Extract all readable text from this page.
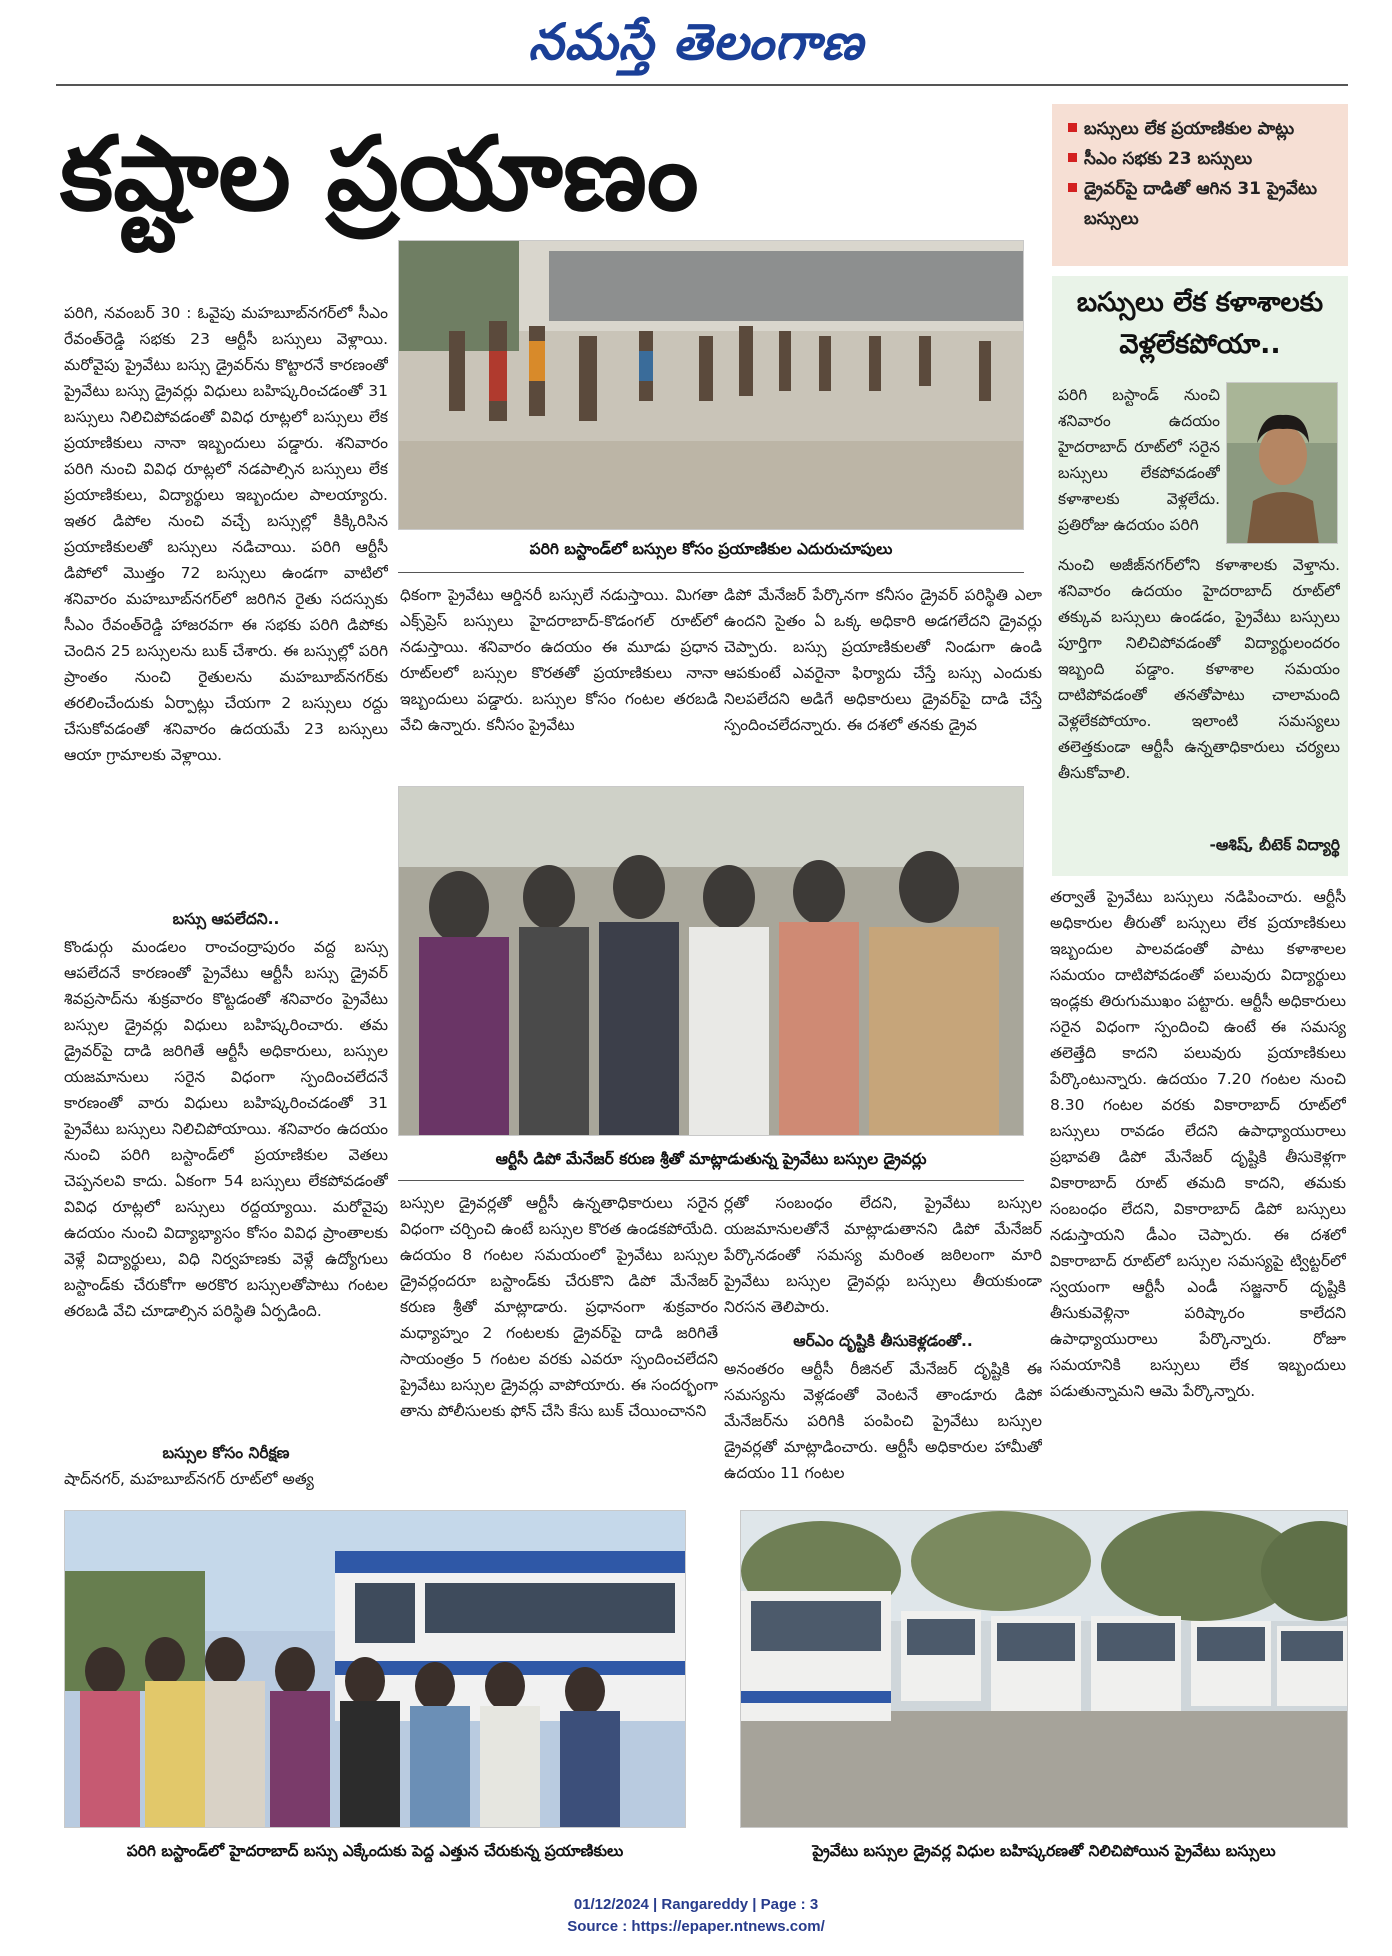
నమస్తే తెలంగాణ
కష్టాల ప్రయాణం	బస్సులు లేక ప్రయాణికుల పాట్లు
సీఎం సభకు 23 బస్సులు
డ్రైవర్‌పై దాడితో ఆగిన 31 ప్రైవేటు బస్సులు
బస్సులు లేక కళాశాలకు వెళ్లలేకపోయా..

పరిగి బస్టాండ్ నుంచి శనివారం ఉదయం హైదరాబాద్ రూట్‌లో సరైన బస్సులు లేకపోవడంతో కళాశాలకు వెళ్లలేదు. ప్రతిరోజు ఉదయం పరిగి

నుంచి అజీజ్‌నగర్‌లోని కళాశాలకు వెళ్తాను. శనివారం ఉదయం హైదరాబాద్ రూట్‌లో తక్కువ బస్సులు ఉండడం, ప్రైవేటు బస్సులు పూర్తిగా నిలిచిపోవడంతో విద్యార్థులందరం ఇబ్బంది పడ్డాం. కళాశాల సమయం దాటిపోవడంతో తనతోపాటు చాలామంది వెళ్లలేకపోయాం. ఇలాంటి సమస్యలు తలెత్తకుండా ఆర్టీసీ ఉన్నతాధికారులు చర్యలు తీసుకోవాలి.

-ఆశిష్, బీటెక్ విద్యార్థి
పరిగి బస్టాండ్‌లో బస్సుల కోసం ప్రయాణికుల ఎదురుచూపులు

పరిగి, నవంబర్ 30 : ఓవైపు మహబూబ్‌నగర్‌లో సీఎం రేవంత్‌రెడ్డి సభకు 23 ఆర్టీసీ బస్సులు వెళ్లాయి. మరోవైపు ప్రైవేటు బస్సు డ్రైవర్‌ను కొట్టారనే కారణంతో ప్రైవేటు బస్సు డ్రైవర్లు విధులు బహిష్కరించడంతో 31 బస్సులు నిలిచిపోవడంతో వివిధ రూట్లలో బస్సులు లేక ప్రయాణికులు నానా ఇబ్బందులు పడ్డారు. శనివారం పరిగి నుంచి వివిధ రూట్లలో నడపాల్సిన బస్సులు లేక ప్రయాణికులు, విద్యార్థులు ఇబ్బందుల పాలయ్యారు. ఇతర డిపోల నుంచి వచ్చే బస్సుల్లో కిక్కిరిసిన ప్రయాణికులతో బస్సులు నడిచాయి. పరిగి ఆర్టీసీ డిపోలో మొత్తం 72 బస్సులు ఉండగా వాటిలో శనివారం మహబూబ్‌నగర్‌లో జరిగిన రైతు సదస్సుకు సీఎం రేవంత్‌రెడ్డి హాజరవగా ఈ సభకు పరిగి డిపోకు చెందిన 25 బస్సులను బుక్ చేశారు. ఈ బస్సుల్లో పరిగి ప్రాంతం నుంచి రైతులను మహబూబ్‌నగర్‌కు తరలించేందుకు ఏర్పాట్లు చేయగా 2 బస్సులు రద్దు చేసుకోవడంతో శనివారం ఉదయమే 23 బస్సులు ఆయా గ్రామాలకు వెళ్లాయి.

బస్సు ఆపలేదని..

కొండుర్గు మండలం రాంచంద్రాపురం వద్ద బస్సు ఆపలేదనే కారణంతో ప్రైవేటు ఆర్టీసీ బస్సు డ్రైవర్ శివప్రసాద్‌ను శుక్రవారం కొట్టడంతో శనివారం ప్రైవేటు బస్సుల డ్రైవర్లు విధులు బహిష్కరించారు. తమ డ్రైవర్‌పై దాడి జరిగితే ఆర్టీసీ అధికారులు, బస్సుల యజమానులు సరైన విధంగా స్పందించలేదనే కారణంతో వారు విధులు బహిష్కరించడంతో 31 ప్రైవేటు బస్సులు నిలిచిపోయాయి. శనివారం ఉదయం నుంచి పరిగి బస్టాండ్‌లో ప్రయాణికుల వెతలు చెప్పనలవి కాదు. ఏకంగా 54 బస్సులు లేకపోవడంతో వివిధ రూట్లలో బస్సులు రద్దయ్యాయి. మరోవైపు ఉదయం నుంచి విద్యాభ్యాసం కోసం వివిధ ప్రాంతాలకు వెళ్లే విద్యార్థులు, విధి నిర్వహణకు వెళ్లే ఉద్యోగులు బస్టాండ్‌కు చేరుకోగా అరకొర బస్సులతోపాటు గంటల తరబడి వేచి చూడాల్సిన పరిస్థితి ఏర్పడింది.

బస్సుల కోసం నిరీక్షణ

షాద్‌నగర్, మహబూబ్‌నగర్ రూట్‌లో అత్య

ధికంగా ప్రైవేటు ఆర్డినరీ బస్సులే నడుస్తాయి. మిగతా ఎక్స్‌ప్రెస్ బస్సులు హైదరాబాద్-కొడంగల్ రూట్‌లో నడుస్తాయి. శనివారం ఉదయం ఈ మూడు ప్రధాన రూట్‌లలో బస్సుల కొరతతో ప్రయాణికులు నానా ఇబ్బందులు పడ్డారు. బస్సుల కోసం గంటల తరబడి వేచి ఉన్నారు. కనీసం ప్రైవేటు

డిపో మేనేజర్ పేర్కొనగా కనీసం డ్రైవర్ పరిస్థితి ఎలా ఉందని సైతం ఏ ఒక్క అధికారి అడగలేదని డ్రైవర్లు చెప్పారు. బస్సు ప్రయాణికులతో నిండుగా ఉండి ఆపకుంటే ఎవరైనా ఫిర్యాదు చేస్తే బస్సు ఎందుకు నిలపలేదని అడిగే అధికారులు డ్రైవర్‌పై దాడి చేస్తే స్పందించలేదన్నారు. ఈ దశలో తనకు డ్రైవ

ఆర్టీసీ డిపో మేనేజర్ కరుణ శ్రీతో మాట్లాడుతున్న ప్రైవేటు బస్సుల డ్రైవర్లు

బస్సుల డ్రైవర్లతో ఆర్టీసీ ఉన్నతాధికారులు సరైన విధంగా చర్చించి ఉంటే బస్సుల కొరత ఉండకపోయేది. ఉదయం 8 గంటల సమయంలో ప్రైవేటు బస్సుల డ్రైవర్లందరూ బస్టాండ్‌కు చేరుకొని డిపో మేనేజర్ కరుణ శ్రీతో మాట్లాడారు. ప్రధానంగా శుక్రవారం మధ్యాహ్నం 2 గంటలకు డ్రైవర్‌పై దాడి జరిగితే సాయంత్రం 5 గంటల వరకు ఎవరూ స్పందించలేదని ప్రైవేటు బస్సుల డ్రైవర్లు వాపోయారు. ఈ సందర్భంగా తాను పోలీసులకు ఫోన్ చేసి కేసు బుక్ చేయించానని

ర్లతో సంబంధం లేదని, ప్రైవేటు బస్సుల యజమానులతోనే మాట్లాడుతానని డిపో మేనేజర్ పేర్కొనడంతో సమస్య మరింత జఠిలంగా మారి ప్రైవేటు బస్సుల డ్రైవర్లు బస్సులు తీయకుండా నిరసన తెలిపారు.

ఆర్ఎం దృష్టికి తీసుకెళ్లడంతో..

అనంతరం ఆర్టీసీ రీజినల్ మేనేజర్ దృష్టికి ఈ సమస్యను వెళ్లడంతో వెంటనే తాండూరు డిపో మేనేజర్‌ను పరిగికి పంపించి ప్రైవేటు బస్సుల డ్రైవర్లతో మాట్లాడించారు. ఆర్టీసీ అధికారుల హామీతో ఉదయం 11 గంటల

తర్వాతే ప్రైవేటు బస్సులు నడిపించారు. ఆర్టీసీ అధికారుల తీరుతో బస్సులు లేక ప్రయాణికులు ఇబ్బందుల పాలవడంతో పాటు కళాశాలల సమయం దాటిపోవడంతో పలువురు విద్యార్థులు ఇండ్లకు తిరుగుముఖం పట్టారు. ఆర్టీసీ అధికారులు సరైన విధంగా స్పందించి ఉంటే ఈ సమస్య తలెత్తేది కాదని పలువురు ప్రయాణికులు పేర్కొంటున్నారు. ఉదయం 7.20 గంటల నుంచి 8.30 గంటల వరకు వికారాబాద్ రూట్‌లో బస్సులు రావడం లేదని ఉపాధ్యాయురాలు ప్రభావతి డిపో మేనేజర్ దృష్టికి తీసుకెళ్లగా వికారాబాద్ రూట్ తమది కాదని, తమకు సంబంధం లేదని, వికారాబాద్ డిపో బస్సులు నడుస్తాయని డీఎం చెప్పారు. ఈ దశలో వికారాబాద్ రూట్‌లో బస్సుల సమస్యపై ట్విట్టర్‌లో స్వయంగా ఆర్టీసీ ఎండీ సజ్జనార్ దృష్టికి తీసుకువెళ్లినా పరిష్కారం కాలేదని ఉపాధ్యాయురాలు పేర్కొన్నారు. రోజూ సమయానికి బస్సులు లేక ఇబ్బందులు పడుతున్నామని ఆమె పేర్కొన్నారు.

పరిగి బస్టాండ్‌లో హైదరాబాద్ బస్సు ఎక్కేందుకు పెద్ద ఎత్తున చేరుకున్న ప్రయాణికులు	ప్రైవేటు బస్సుల డ్రైవర్ల విధుల బహిష్కరణతో నిలిచిపోయిన ప్రైవేటు బస్సులు
01/12/2024 | Rangareddy | Page : 3
Source : https://epaper.ntnews.com/
